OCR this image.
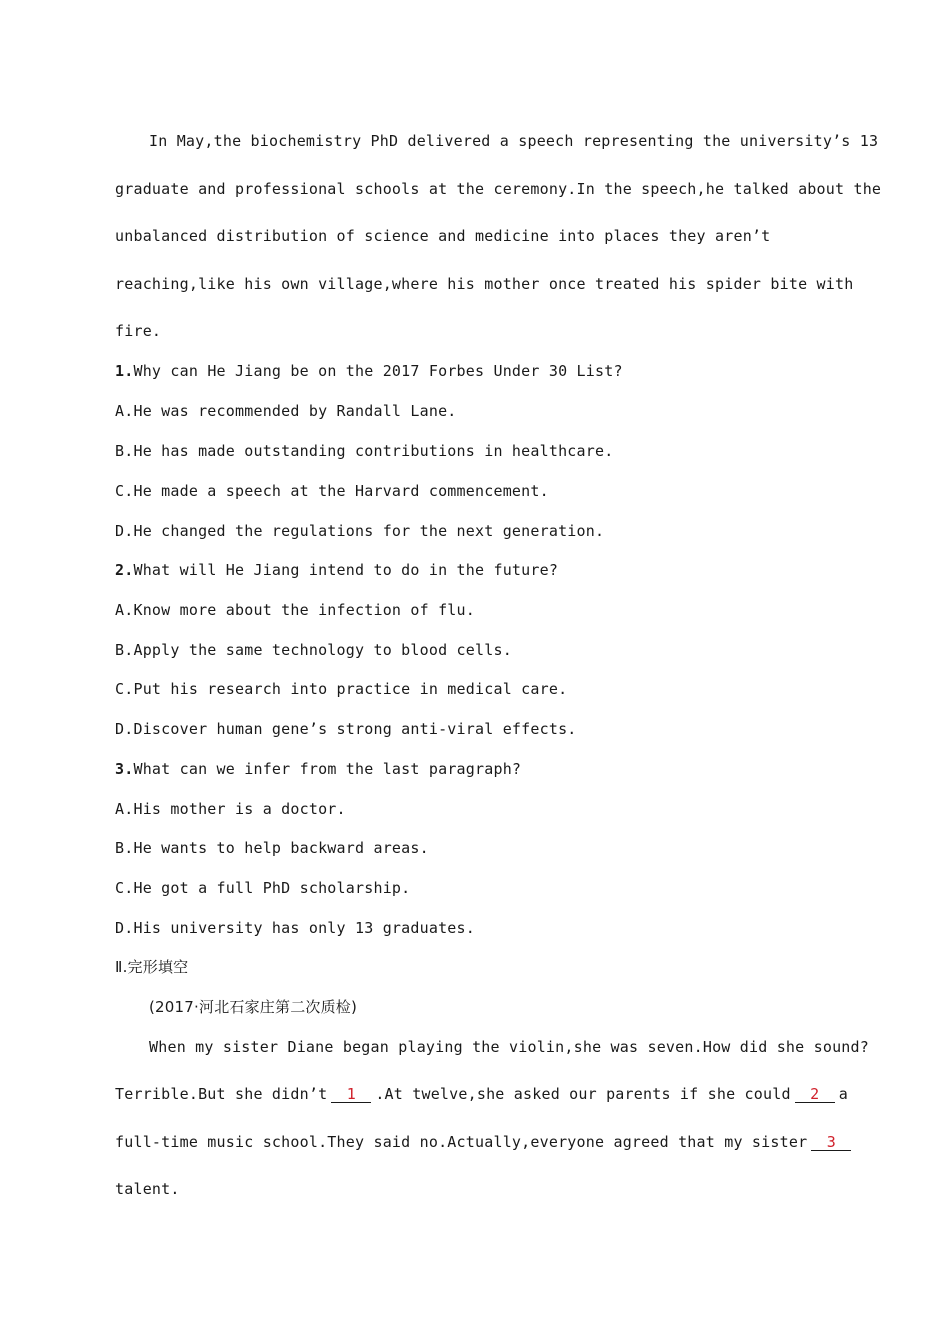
In May,the biochemistry PhD delivered a speech representing the university’s 13
graduate and professional schools at the ceremony.In the speech,he talked about the
unbalanced distribution of science and medicine into places they aren’t
reaching,like his own village,where his mother once treated his spider bite with
fire.
1.Why can He Jiang be on the 2017 Forbes Under 30 List?
A.He was recommended by Randall Lane.
B.He has made outstanding contributions in healthcare.
C.He made a speech at the Harvard commencement.
D.He changed the regulations for the next generation.
2.What will He Jiang intend to do in the future?
A.Know more about the infection of flu.
B.Apply the same technology to blood cells.
C.Put his research into practice in medical care.
D.Discover human gene’s strong anti-viral effects.
3.What can we infer from the last paragraph?
A.His mother is a doctor.
B.He wants to help backward areas.
C.He got a full PhD scholarship.
D.His university has only 13 graduates.
Ⅱ.完形填空
(2017·河北石家庄第二次质检)
When my sister Diane began playing the violin,she was seven.How did she sound?
Terrible.But she didn’t 1 .At twelve,she asked our parents if she could 2 a
full-time music school.They said no.Actually,everyone agreed that my sister 3
talent.
